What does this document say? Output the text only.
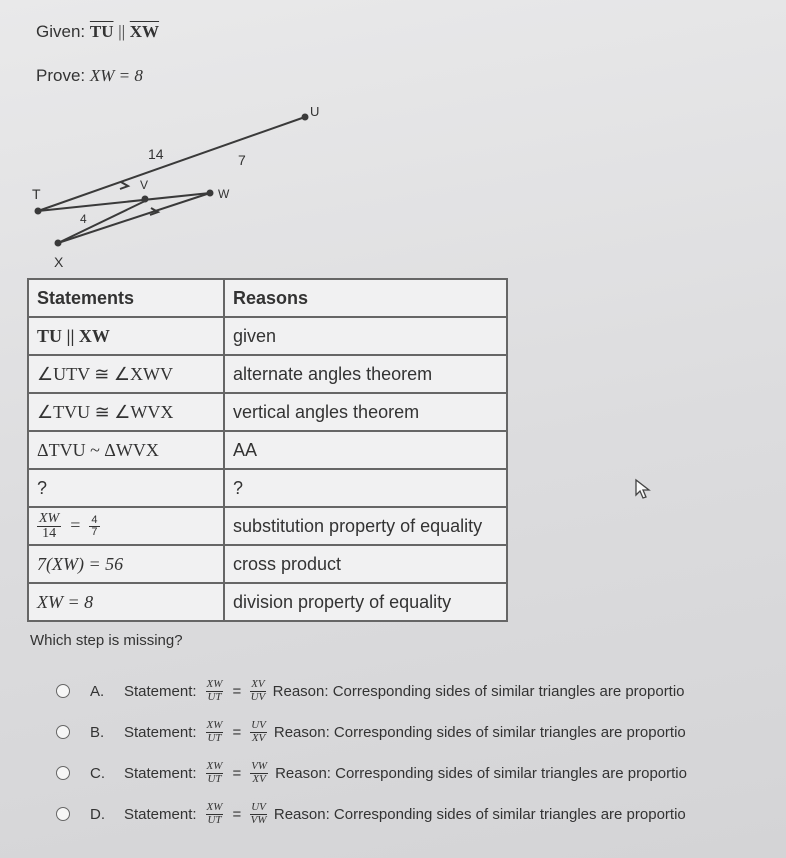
Given: $\overline{TU}$ || $\overline{XW}$
Prove: XW = 8
T
X
V
W
U
14	7
4
Statements	Reasons
TU || XW	given
∠UTV ≅ ∠XWV	alternate angles theorem
∠TVU ≅ ∠WVX	vertical angles theorem
ΔTVU ~ ΔWVX	AA
?	?

$\frac{XW}{14} = \frac{4}{7}$	substitution property of equality
7(XW) = 56	cross product
XW = 8	division property of equality
Which step is missing?
A.	Statement: $\frac{XW}{UT} = \frac{XV}{UV}$ Reason: Corresponding sides of similar triangles are proportio
B.	Statement: $\frac{XW}{UT} = \frac{UV}{XV}$ Reason: Corresponding sides of similar triangles are proportio
C.	Statement: $\frac{XW}{UT} = \frac{VW}{XV}$ Reason: Corresponding sides of similar triangles are proportio
D.	Statement: $\frac{XW}{UT} = \frac{UV}{VW}$ Reason: Corresponding sides of similar triangles are proportio
